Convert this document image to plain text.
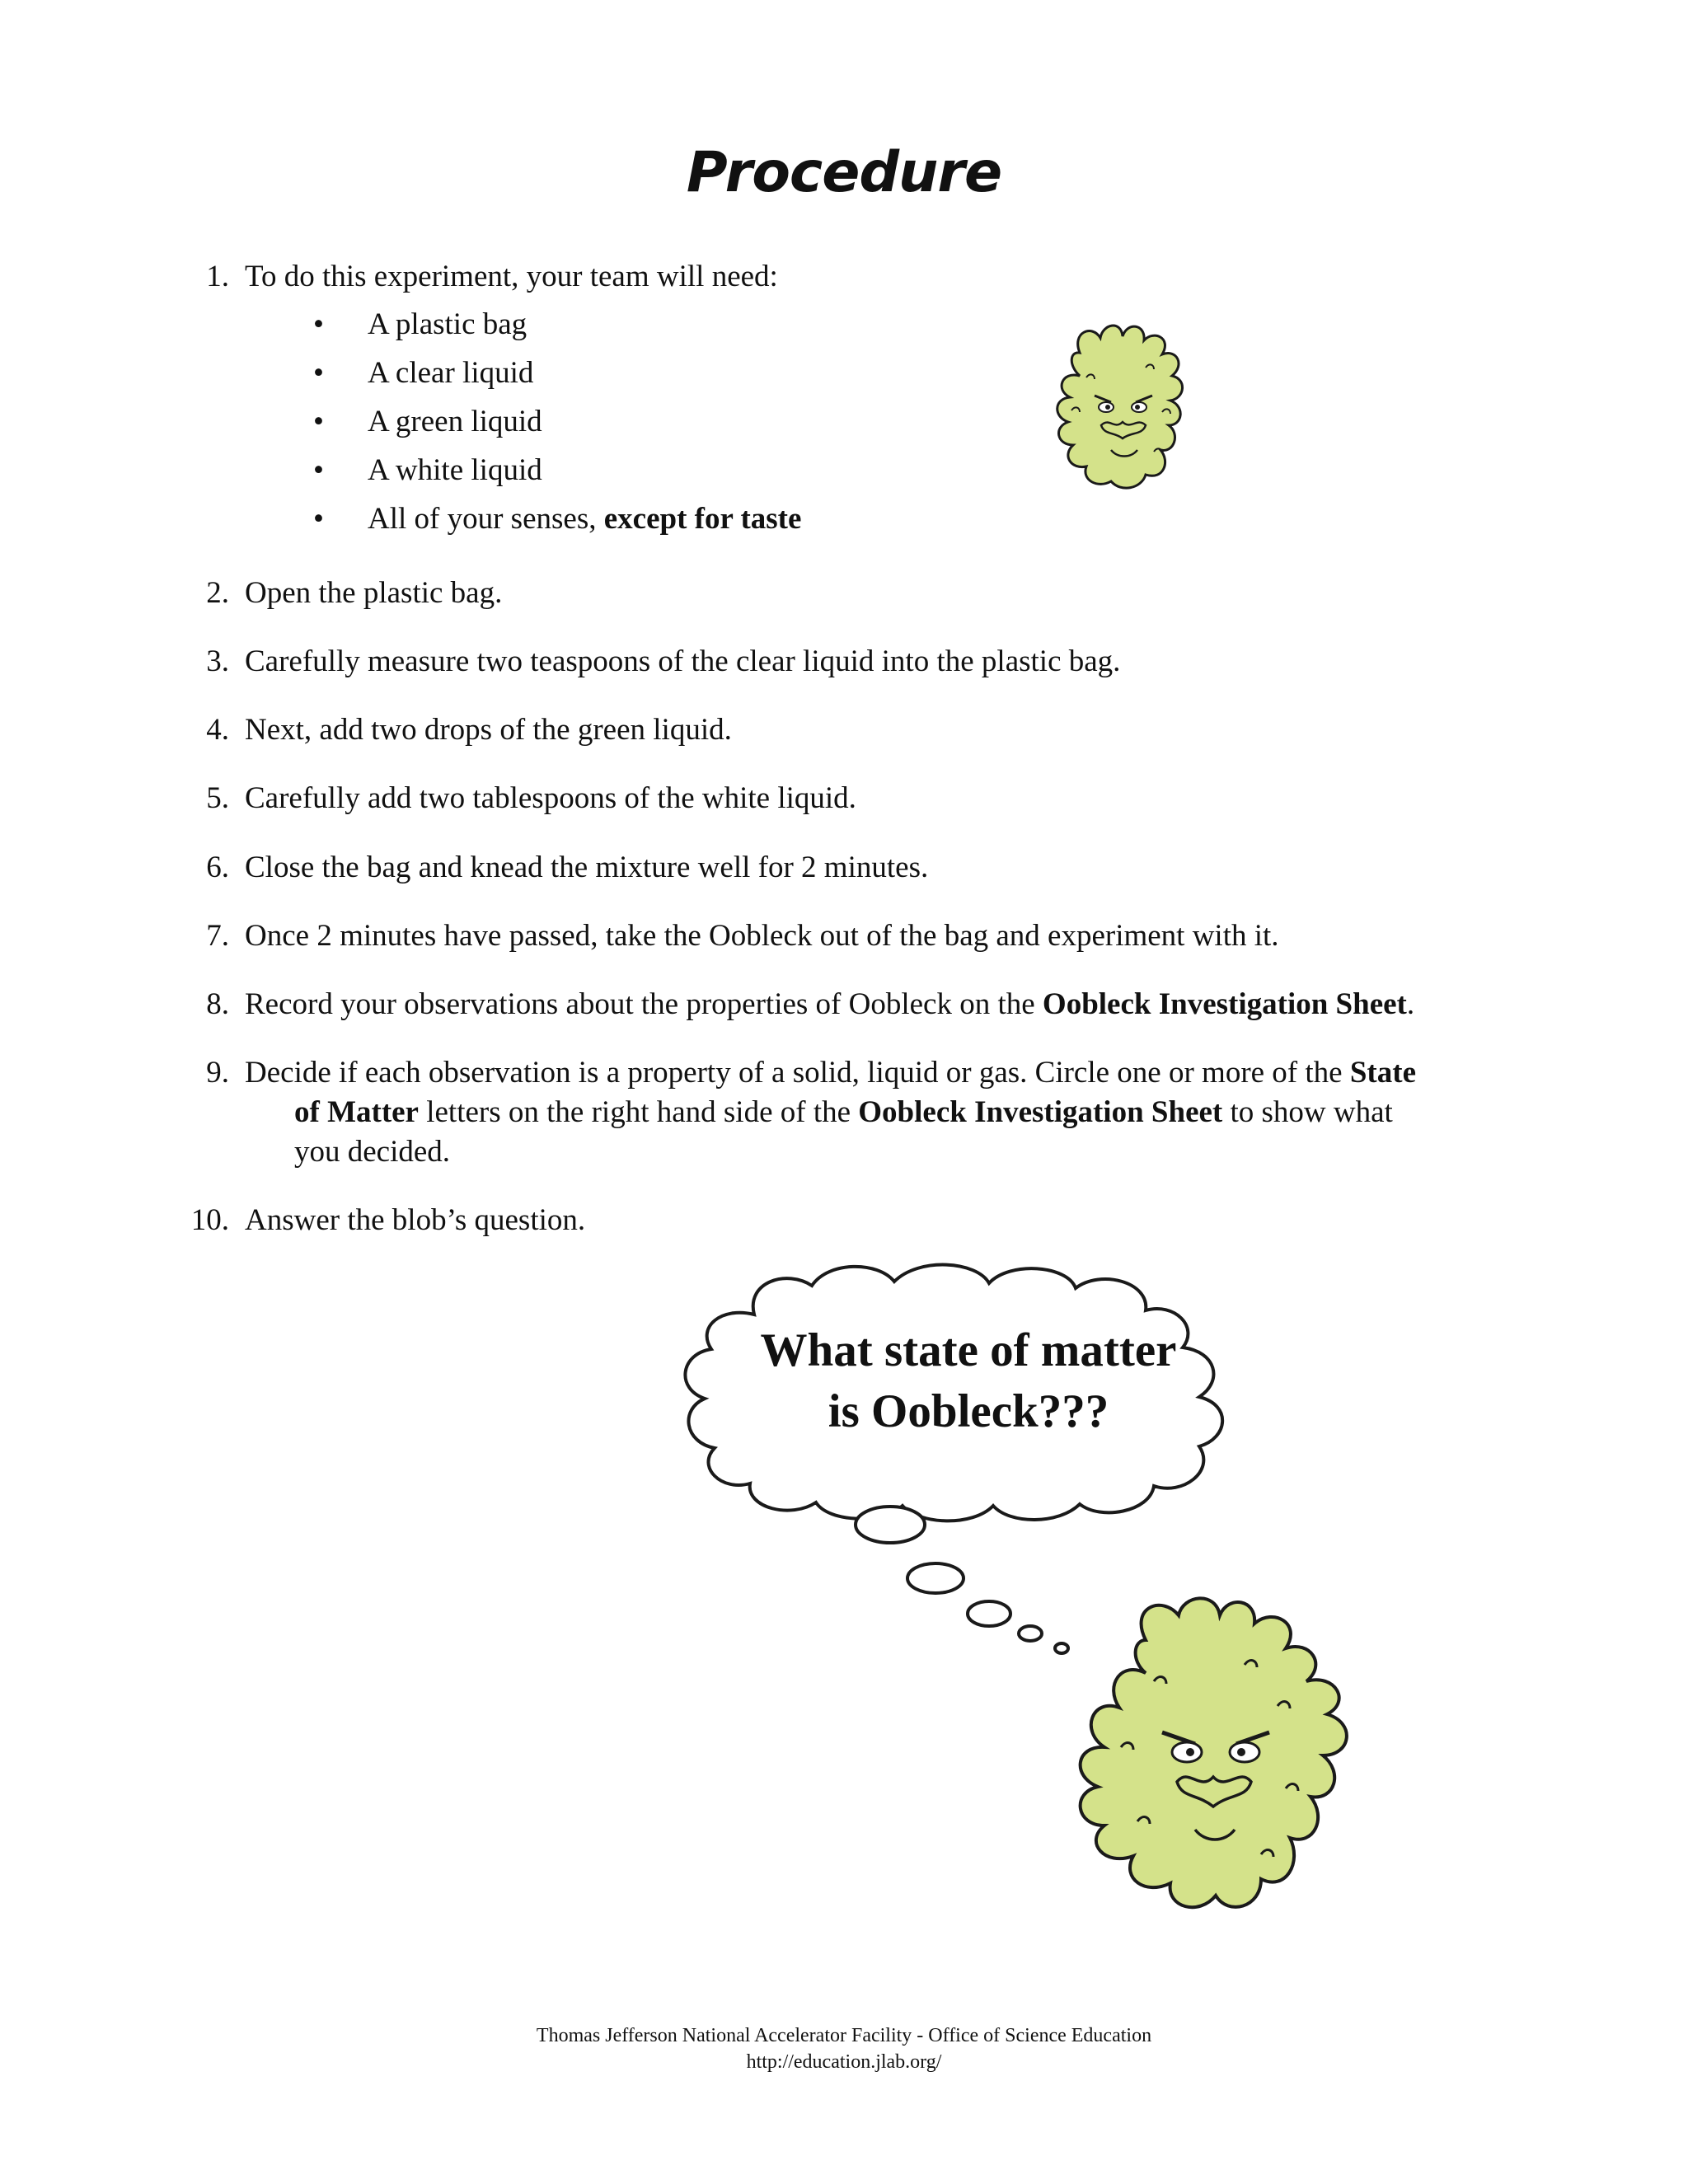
Procedure
1. To do this experiment, your team will need:
• A plastic bag
• A clear liquid
• A green liquid
• A white liquid
• All of your senses, except for taste
2. Open the plastic bag.
3. Carefully measure two teaspoons of the clear liquid into the plastic bag.
4. Next, add two drops of the green liquid.
5. Carefully add two tablespoons of the white liquid.
6. Close the bag and knead the mixture well for 2 minutes.
7. Once 2 minutes have passed, take the Oobleck out of the bag and experiment with it.
8. Record your observations about the properties of Oobleck on the Oobleck Investigation Sheet.
9. Decide if each observation is a property of a solid, liquid or gas. Circle one or more of the State
of Matter letters on the right hand side of the Oobleck Investigation Sheet to show what
you decided.
10. Answer the blob’s question.
What state of matter
is Oobleck???
Thomas Jefferson National Accelerator Facility - Office of Science Education
http://education.jlab.org/
